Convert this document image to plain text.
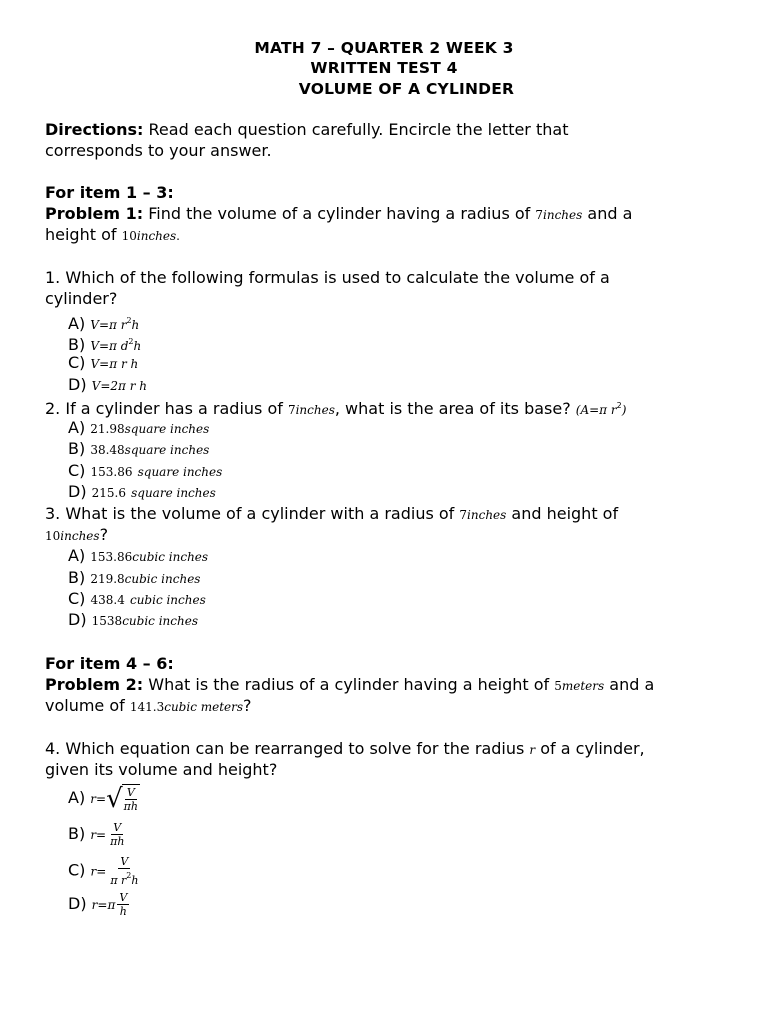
MATH 7 – QUARTER 2 WEEK 3
WRITTEN TEST 4
VOLUME OF A CYLINDER
Directions: Read each question carefully. Encircle the letter that
corresponds to your answer.
For item 1 – 3:
Problem 1: Find the volume of a cylinder having a radius of 7inches and a
height of 10inches.
1. Which of the following formulas is used to calculate the volume of a
cylinder?
A) V=π $r^2h$
B) V=π $d^2h$
C) V=π r h
D) V=2π r h
2. If a cylinder has a radius of 7inches, what is the area of its base? (A=π $r^2$)
A) 21.98square inches
B) 38.48square inches
C) 153.86 square inches
D) 215.6 square inches
3. What is the volume of a cylinder with a radius of 7inches and height of
10inches?
A) 153.86cubic inches
B) 219.8cubic inches
C) 438.4 cubic inches
D) 1538cubic inches
For item 4 – 6:
Problem 2: What is the radius of a cylinder having a height of 5meters and a
volume of 141.3cubic meters?
4. Which equation can be rearranged to solve for the radius r of a cylinder,
given its volume and height?
A) r= √ $\frac{V}{\pi h}$
B) $r= \frac{V}{\pi h}$
C) $r= \frac{V}{\pi r^2h}$
D) $r=\pi \frac{V}{h}$
